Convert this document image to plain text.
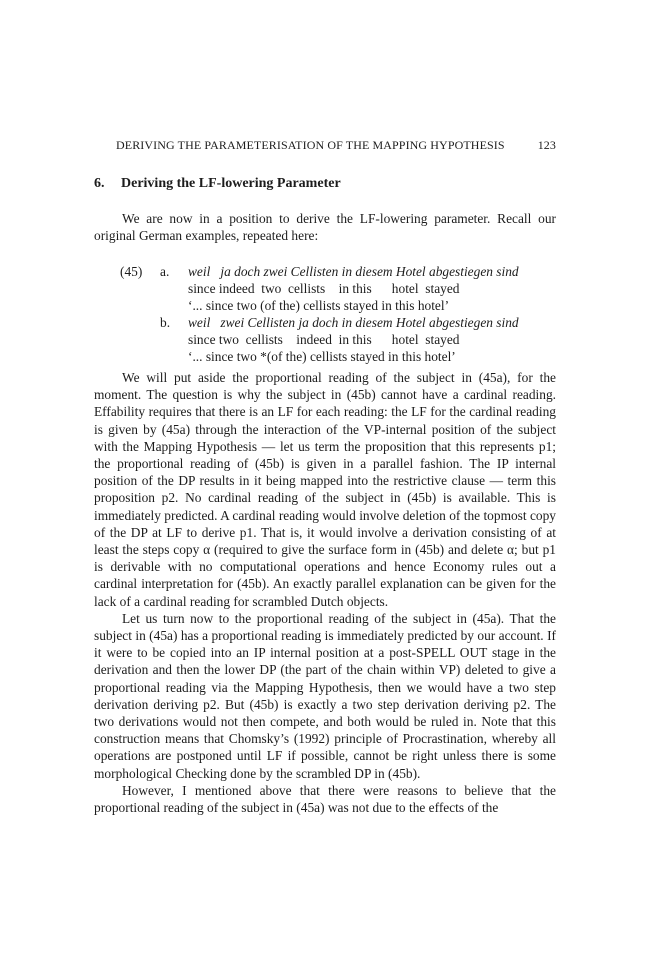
DERIVING THE PARAMETERISATION OF THE MAPPING HYPOTHESIS	123
6. Deriving the LF-lowering Parameter

We are now in a position to derive the LF-lowering parameter. Recall our original German examples, repeated here:

(45)	a.	weil   ja doch zwei Cellisten in diesem Hotel abgestiegen sind
since indeed  two  cellists    in this      hotel  stayed
‘... since two (of the) cellists stayed in this hotel’
b.	weil   zwei Cellisten ja doch in diesem Hotel abgestiegen sind
since two  cellists    indeed  in this      hotel  stayed
‘... since two *(of the) cellists stayed in this hotel’

We will put aside the proportional reading of the subject in (45a), for the moment. The question is why the subject in (45b) cannot have a cardinal reading. Effability requires that there is an LF for each reading: the LF for the cardinal reading is given by (45a) through the interaction of the VP-internal position of the subject with the Mapping Hypothesis — let us term the proposition that this represents p1; the proportional reading of (45b) is given in a parallel fashion. The IP internal position of the DP results in it being mapped into the restrictive clause — term this proposition p2. No cardinal reading of the subject in (45b) is available. This is immediately predicted. A cardinal reading would involve deletion of the topmost copy of the DP at LF to derive p1. That is, it would involve a derivation consisting of at least the steps copy α (required to give the surface form in (45b) and delete α; but p1 is derivable with no computational operations and hence Economy rules out a cardinal interpretation for (45b). An exactly parallel explanation can be given for the lack of a cardinal reading for scrambled Dutch objects.

Let us turn now to the proportional reading of the subject in (45a). That the subject in (45a) has a proportional reading is immediately predicted by our account. If it were to be copied into an IP internal position at a post-SPELL OUT stage in the derivation and then the lower DP (the part of the chain within VP) deleted to give a proportional reading via the Mapping Hypothesis, then we would have a two step derivation deriving p2. But (45b) is exactly a two step derivation deriving p2. The two derivations would not then compete, and both would be ruled in. Note that this construction means that Chomsky’s (1992) principle of Procrastination, whereby all operations are postponed until LF if possible, cannot be right unless there is some morphological Checking done by the scrambled DP in (45b).

However, I mentioned above that there were reasons to believe that the proportional reading of the subject in (45a) was not due to the effects of the
